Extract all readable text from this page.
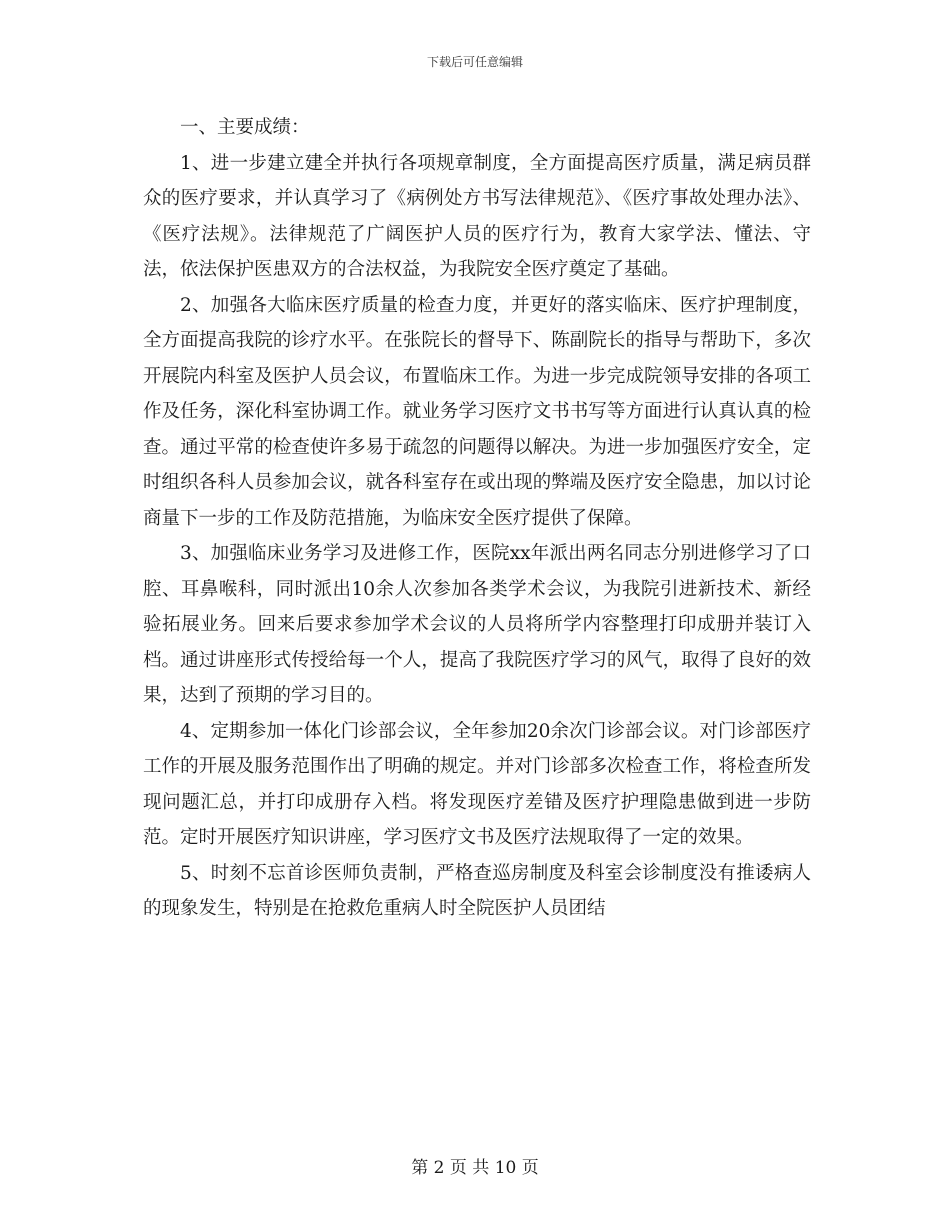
下载后可任意编辑

一、主要成绩：

1、进一步建立建全并执行各项规章制度，全方面提高医疗质量，满足病员群众的医疗要求，并认真学习了《病例处方书写法律规范》、《医疗事故处理办法》、《医疗法规》。法律规范了广阔医护人员的医疗行为，教育大家学法、懂法、守法，依法保护医患双方的合法权益，为我院安全医疗奠定了基础。

2、加强各大临床医疗质量的检查力度，并更好的落实临床、医疗护理制度，全方面提高我院的诊疗水平。在张院长的督导下、陈副院长的指导与帮助下，多次开展院内科室及医护人员会议，布置临床工作。为进一步完成院领导安排的各项工作及任务，深化科室协调工作。就业务学习医疗文书书写等方面进行认真认真的检查。通过平常的检查使许多易于疏忽的问题得以解决。为进一步加强医疗安全，定时组织各科人员参加会议，就各科室存在或出现的弊端及医疗安全隐患，加以讨论商量下一步的工作及防范措施，为临床安全医疗提供了保障。

3、加强临床业务学习及进修工作，医院xx年派出两名同志分别进修学习了口腔、耳鼻喉科，同时派出10余人次参加各类学术会议，为我院引进新技术、新经验拓展业务。回来后要求参加学术会议的人员将所学内容整理打印成册并装订入档。通过讲座形式传授给每一个人，提高了我院医疗学习的风气，取得了良好的效果，达到了预期的学习目的。

4、定期参加一体化门诊部会议，全年参加20余次门诊部会议。对门诊部医疗工作的开展及服务范围作出了明确的规定。并对门诊部多次检查工作，将检查所发现问题汇总，并打印成册存入档。将发现医疗差错及医疗护理隐患做到进一步防范。定时开展医疗知识讲座，学习医疗文书及医疗法规取得了一定的效果。

5、时刻不忘首诊医师负责制，严格查巡房制度及科室会诊制度没有推诿病人的现象发生，特别是在抢救危重病人时全院医护人员团结

第 2 页 共 10 页
